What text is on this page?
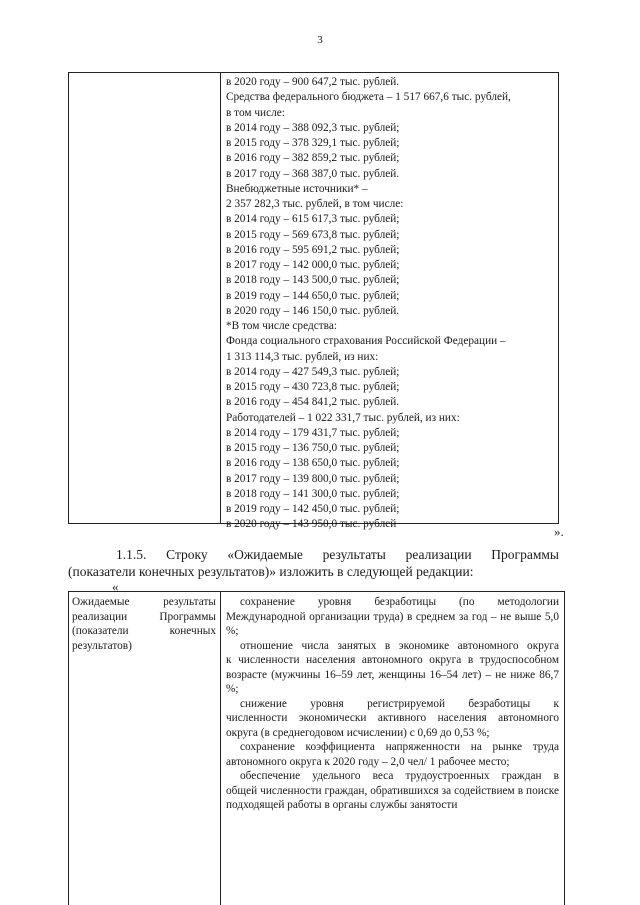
3
в 2020 году – 900 647,2 тыс. рублей.
Средства федерального бюджета – 1 517 667,6 тыс. рублей,
в том числе:
в 2014 году – 388 092,3 тыс. рублей;
в 2015 году – 378 329,1 тыс. рублей;
в 2016 году – 382 859,2 тыс. рублей;
в 2017 году – 368 387,0 тыс. рублей.
Внебюджетные источники* –
2 357 282,3 тыс. рублей, в том числе:
в 2014 году – 615 617,3 тыс. рублей;
в 2015 году – 569 673,8 тыс. рублей;
в 2016 году – 595 691,2 тыс. рублей;
в 2017 году – 142 000,0 тыс. рублей;
в 2018 году – 143 500,0 тыс. рублей;
в 2019 году – 144 650,0 тыс. рублей;
в 2020 году – 146 150,0 тыс. рублей.
*В том числе средства:
Фонда социального страхования Российской Федерации –
1 313 114,3 тыс. рублей, из них:
в 2014 году – 427 549,3 тыс. рублей;
в 2015 году – 430 723,8 тыс. рублей;
в 2016 году – 454 841,2 тыс. рублей.
Работодателей – 1 022 331,7 тыс. рублей, из них:
в 2014 году – 179 431,7 тыс. рублей;
в 2015 году – 136 750,0 тыс. рублей;
в 2016 году – 138 650,0 тыс. рублей;
в 2017 году – 139 800,0 тыс. рублей;
в 2018 году – 141 300,0 тыс. рублей;
в 2019 году – 142 450,0 тыс. рублей;
в 2020 году – 143 950,0 тыс. рублей	».
1.1.5. Строку «Ожидаемые результаты реализации Программы
(показатели конечных результатов)» изложить в следующей редакции:
«
Ожидаемые результаты
реализации Программы
(показатели конечных
результатов)
сохранение уровня безработицы (по методологии
Международной организации труда) в среднем за год – не выше 5,0 %;
отношение числа занятых в экономике автономного округа
к численности населения автономного округа в трудоспособном возрасте (мужчины 16–59 лет, женщины 16–54 лет) – не ниже 86,7 %;
снижение уровня регистрируемой безработицы к
численности экономически активного населения автономного округа (в среднегодовом исчислении) с 0,69 до 0,53 %;
сохранение коэффициента напряженности на рынке труда
автономного округа к 2020 году – 2,0 чел/ 1 рабочее место;
обеспечение удельного веса трудоустроенных граждан в
общей численности граждан, обратившихся за содействием в поиске подходящей работы в органы службы занятости
